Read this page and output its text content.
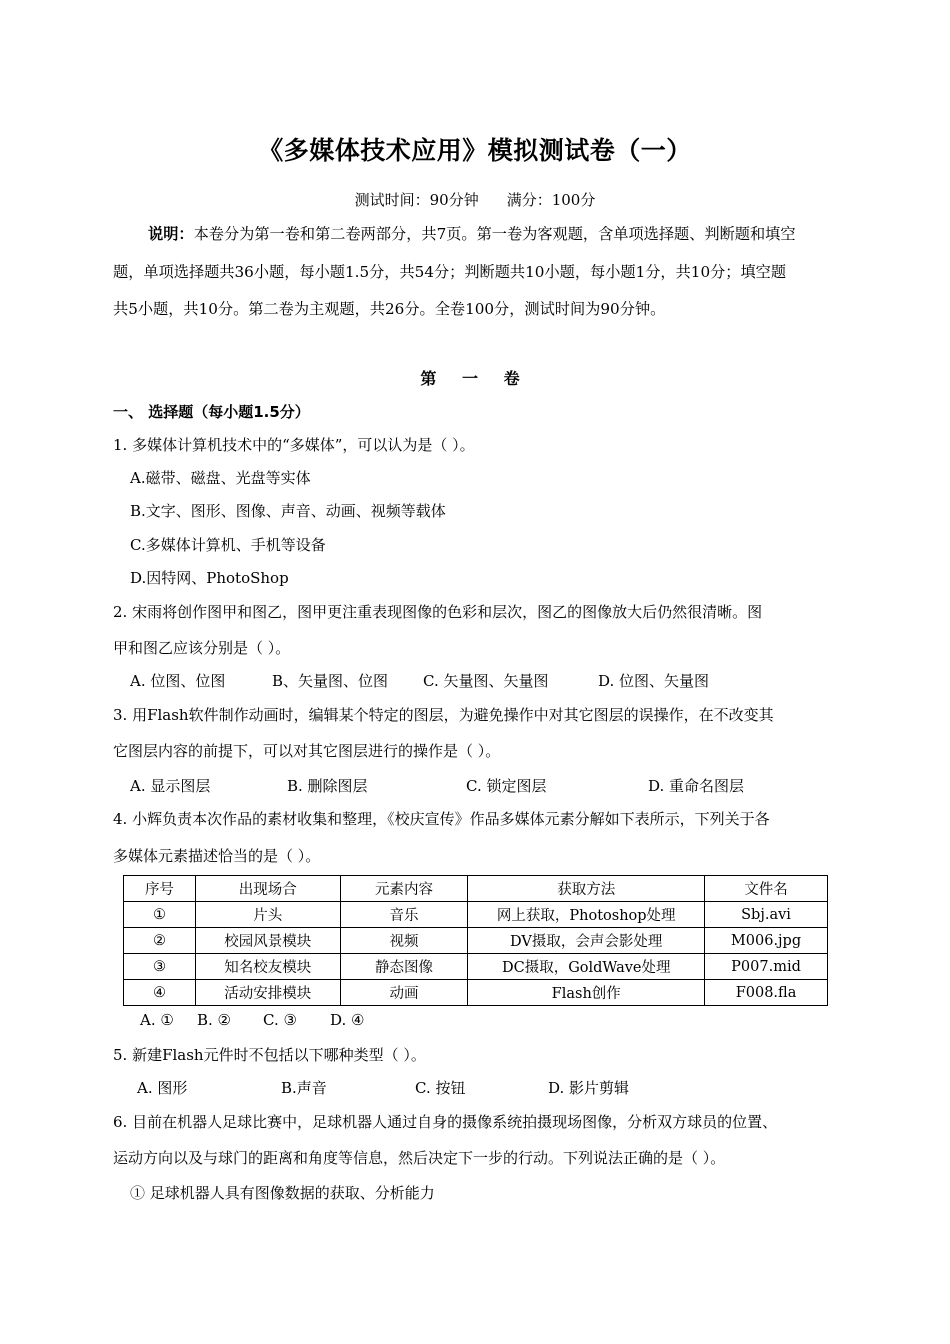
《多媒体技术应用》模拟测试卷（一）
测试时间：90分钟 满分：100分
说明：本卷分为第一卷和第二卷两部分，共7页。第一卷为客观题，含单项选择题、判断题和填空
题，单项选择题共36小题，每小题1.5分，共54分；判断题共10小题，每小题1分，共10分；填空题
共5小题，共10分。第二卷为主观题，共26分。全卷100分，测试时间为90分钟。
第 一 卷
一、 选择题（每小题1.5分）
1. 多媒体计算机技术中的“多媒体”，可以认为是（ ）。
A.磁带、磁盘、光盘等实体
B.文字、图形、图像、声音、动画、视频等载体
C.多媒体计算机、手机等设备
D.因特网、PhotoShop
2. 宋雨将创作图甲和图乙，图甲更注重表现图像的色彩和层次，图乙的图像放大后仍然很清晰。图
甲和图乙应该分别是（ ）。
A. 位图、位图	B、矢量图、位图 C. 矢量图、矢量图	D. 位图、矢量图
3. 用Flash软件制作动画时，编辑某个特定的图层，为避免操作中对其它图层的误操作，在不改变其
它图层内容的前提下，可以对其它图层进行的操作是（ ）。
A. 显示图层	B. 删除图层	C. 锁定图层	D. 重命名图层
4. 小辉负责本次作品的素材收集和整理，《校庆宣传》作品多媒体元素分解如下表所示，下列关于各
多媒体元素描述恰当的是（ ）。
序号	出现场合	元素内容	获取方法	文件名
①	片头	音乐	网上获取，Photoshop处理	Sbj.avi
②	校园风景模块	视频	DV摄取，会声会影处理	M006.jpg
③	知名校友模块	静态图像	DC摄取，GoldWave处理	P007.mid
④	活动安排模块	动画	Flash创作	F008.fla
A. ① B. ② C. ③ D. ④
5. 新建Flash元件时不包括以下哪种类型（ ）。
A. 图形	B.声音	C. 按钮	D. 影片剪辑
6. 目前在机器人足球比赛中，足球机器人通过自身的摄像系统拍摄现场图像，分析双方球员的位置、
运动方向以及与球门的距离和角度等信息，然后决定下一步的行动。下列说法正确的是（ ）。
① 足球机器人具有图像数据的获取、分析能力
